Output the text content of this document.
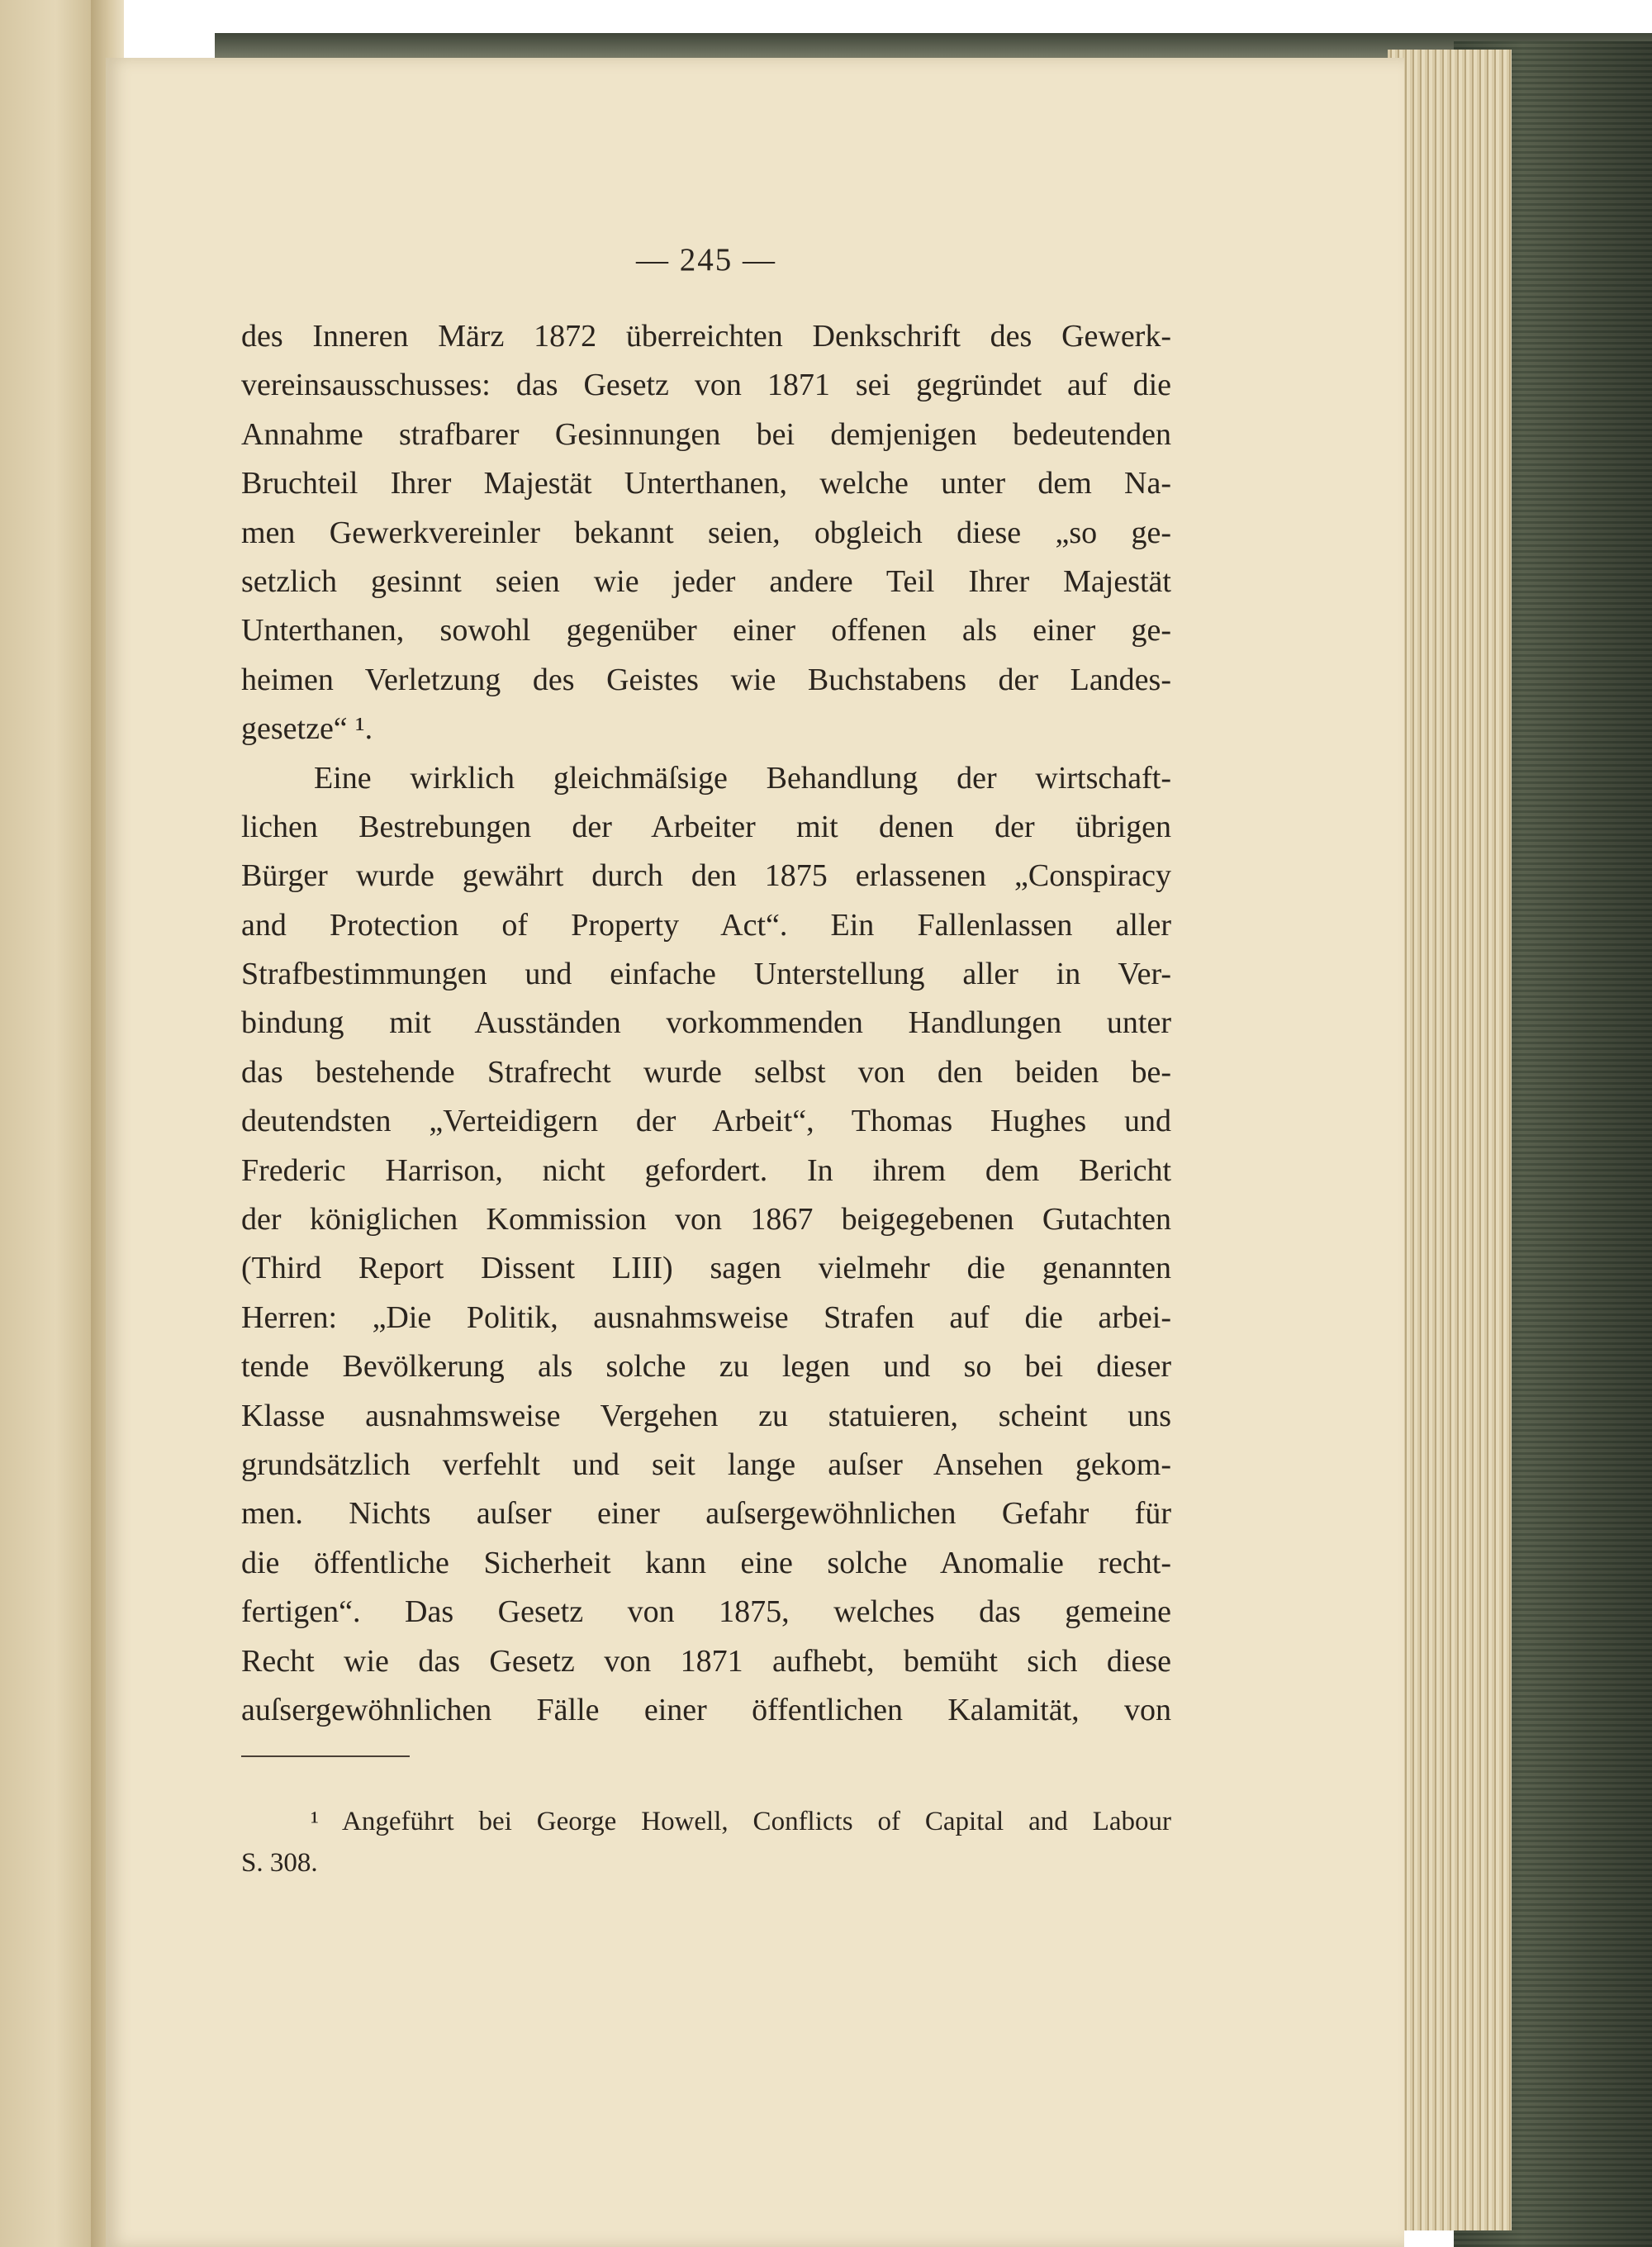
— 245 —
des Inneren März 1872 überreichten Denkschrift des Gewerk-
vereinsausschusses: das Gesetz von 1871 sei gegründet auf die
Annahme strafbarer Gesinnungen bei demjenigen bedeutenden
Bruchteil Ihrer Majestät Unterthanen, welche unter dem Na-
men Gewerkvereinler bekannt seien, obgleich diese „so ge-
setzlich gesinnt seien wie jeder andere Teil Ihrer Majestät
Unterthanen, sowohl gegenüber einer offenen als einer ge-
heimen Verletzung des Geistes wie Buchstabens der Landes-
gesetze“ ¹.
Eine wirklich gleichmäſsige Behandlung der wirtschaft-
lichen Bestrebungen der Arbeiter mit denen der übrigen
Bürger wurde gewährt durch den 1875 erlassenen „Conspiracy
and Protection of Property Act“. Ein Fallenlassen aller
Strafbestimmungen und einfache Unterstellung aller in Ver-
bindung mit Ausständen vorkommenden Handlungen unter
das bestehende Strafrecht wurde selbst von den beiden be-
deutendsten „Verteidigern der Arbeit“, Thomas Hughes und
Frederic Harrison, nicht gefordert. In ihrem dem Bericht
der königlichen Kommission von 1867 beigegebenen Gutachten
(Third Report Dissent LIII) sagen vielmehr die genannten
Herren: „Die Politik, ausnahmsweise Strafen auf die arbei-
tende Bevölkerung als solche zu legen und so bei dieser
Klasse ausnahmsweise Vergehen zu statuieren, scheint uns
grundsätzlich verfehlt und seit lange auſser Ansehen gekom-
men. Nichts auſser einer auſsergewöhnlichen Gefahr für
die öffentliche Sicherheit kann eine solche Anomalie recht-
fertigen“. Das Gesetz von 1875, welches das gemeine
Recht wie das Gesetz von 1871 aufhebt, bemüht sich diese
auſsergewöhnlichen Fälle einer öffentlichen Kalamität, von
¹ Angeführt bei George Howell, Conflicts of Capital and Labour
S. 308.
